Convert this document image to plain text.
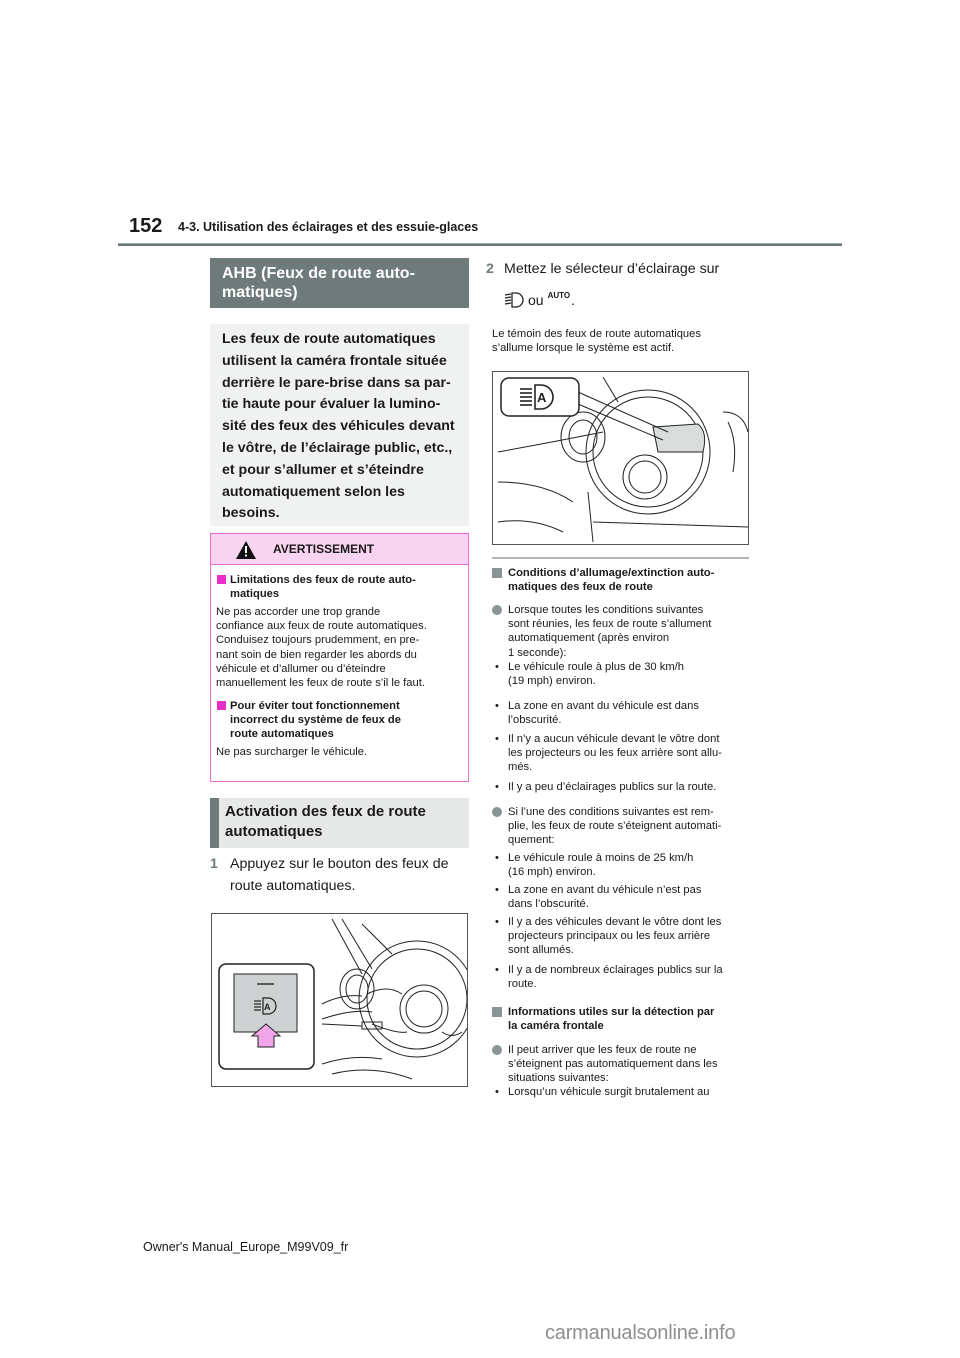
152 4-3. Utilisation des éclairages et des essuie-glaces
AHB (Feux de route auto-
matiques)

Les feux de route automatiques

utilisent la caméra frontale située

derrière le pare-brise dans sa par-

tie haute pour évaluer la lumino-

sité des feux des véhicules devant

le vôtre, de l’éclairage public, etc.,

et pour s’allumer et s’éteindre

automatiquement selon les

besoins.

AVERTISSEMENT
Limitations des feux de route auto-
matiques
Ne pas accorder une trop grande
confiance aux feux de route automatiques.
Conduisez toujours prudemment, en pre-
nant soin de bien regarder les abords du
véhicule et d’allumer ou d’éteindre
manuellement les feux de route s’il le faut.
Pour éviter tout fonctionnement
incorrect du système de feux de
route automatiques
Ne pas surcharger le véhicule.
Activation des feux de route
automatiques
1 Appuyez sur le bouton des feux de
route automatiques.
A
2 Mettez le sélecteur d’éclairage sur
ou AUTO .
Le témoin des feux de route automatiques
s’allume lorsque le système est actif.
A
Conditions d’allumage/extinction auto-
matiques des feux de route
Lorsque toutes les conditions suivantes
sont réunies, les feux de route s’allument
automatiquement (après environ
1 seconde):
• Le véhicule roule à plus de 30 km/h
(19 mph) environ.
• La zone en avant du véhicule est dans
l’obscurité.
• Il n’y a aucun véhicule devant le vôtre dont
les projecteurs ou les feux arrière sont allu-
més.
• Il y a peu d’éclairages publics sur la route.
Si l’une des conditions suivantes est rem-
plie, les feux de route s’éteignent automati-
quement:
• Le véhicule roule à moins de 25 km/h
(16 mph) environ.
• La zone en avant du véhicule n’est pas
dans l’obscurité.
• Il y a des véhicules devant le vôtre dont les
projecteurs principaux ou les feux arrière
sont allumés.
• Il y a de nombreux éclairages publics sur la
route.
Informations utiles sur la détection par
la caméra frontale
Il peut arriver que les feux de route ne
s’éteignent pas automatiquement dans les
situations suivantes:
• Lorsqu’un véhicule surgit brutalement au
Owner's Manual_Europe_M99V09_fr
carmanualsonline.info
